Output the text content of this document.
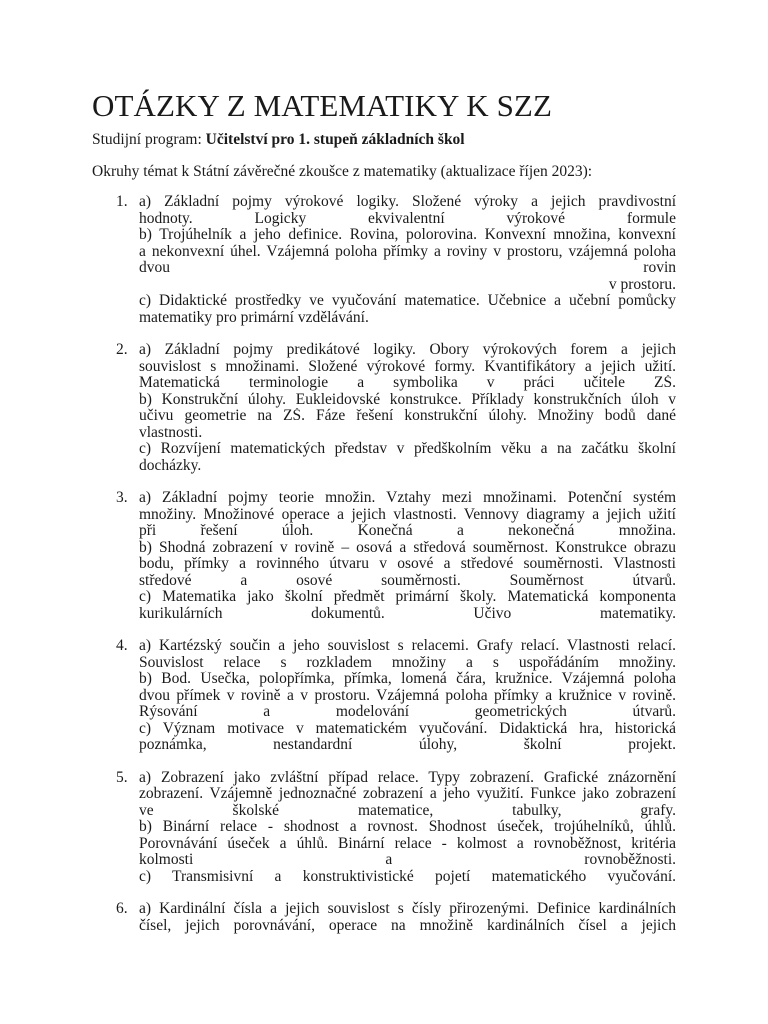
OTÁZKY Z MATEMATIKY K SZZ

Studijní program: Učitelství pro 1. stupeň základních škol

Okruhy témat k Státní závěrečné zkoušce z matematiky (aktualizace říjen 2023):

1. a) Základní pojmy výrokové logiky. Složené výroky a jejich pravdivostní
hodnoty. Logicky ekvivalentní výrokové formule
b) Trojúhelník a jeho definice. Rovina, polorovina. Konvexní množina, konvexní
a nekonvexní úhel. Vzájemná poloha přímky a roviny v prostoru, vzájemná poloha
dvou rovin
v prostoru.
c) Didaktické prostředky ve vyučování matematice. Učebnice a učební pomůcky
matematiky pro primární vzdělávání.
2. a) Základní pojmy predikátové logiky. Obory výrokových forem a jejich
souvislost s množinami. Složené výrokové formy. Kvantifikátory a jejich užití.
Matematická terminologie a symbolika v práci učitele ZŠ.
b) Konstrukční úlohy. Eukleidovské konstrukce. Příklady konstrukčních úloh v
učivu geometrie na ZŠ. Fáze řešení konstrukční úlohy. Množiny bodů dané
vlastnosti.
c) Rozvíjení matematických představ v předškolním věku a na začátku školní
docházky.
3. a) Základní pojmy teorie množin. Vztahy mezi množinami. Potenční systém
množiny. Množinové operace a jejich vlastnosti. Vennovy diagramy a jejich užití
při řešení úloh. Konečná a nekonečná množina.
b) Shodná zobrazení v rovině – osová a středová souměrnost. Konstrukce obrazu
bodu, přímky a rovinného útvaru v osové a středové souměrnosti. Vlastnosti
středové a osové souměrnosti. Souměrnost útvarů.
c) Matematika jako školní předmět primární školy. Matematická komponenta
kurikulárních dokumentů. Učivo matematiky.
4. a) Kartézský součin a jeho souvislost s relacemi. Grafy relací. Vlastnosti relací.
Souvislost relace s rozkladem množiny a s uspořádáním množiny.
b) Bod. Úsečka, polopřímka, přímka, lomená čára, kružnice. Vzájemná poloha
dvou přímek v rovině a v prostoru. Vzájemná poloha přímky a kružnice v rovině.
Rýsování a modelování geometrických útvarů.
c) Význam motivace v matematickém vyučování. Didaktická hra, historická
poznámka, nestandardní úlohy, školní projekt.
5. a) Zobrazení jako zvláštní případ relace. Typy zobrazení. Grafické znázornění
zobrazení. Vzájemně jednoznačné zobrazení a jeho využití. Funkce jako zobrazení
ve školské matematice, tabulky, grafy.
b) Binární relace - shodnost a rovnost. Shodnost úseček, trojúhelníků, úhlů.
Porovnávání úseček a úhlů. Binární relace - kolmost a rovnoběžnost, kritéria
kolmosti a rovnoběžnosti.
c) Transmisivní a konstruktivistické pojetí matematického vyučování.
6. a) Kardinální čísla a jejich souvislost s čísly přirozenými. Definice kardinálních
čísel, jejich porovnávání, operace na množině kardinálních čísel a jejich
